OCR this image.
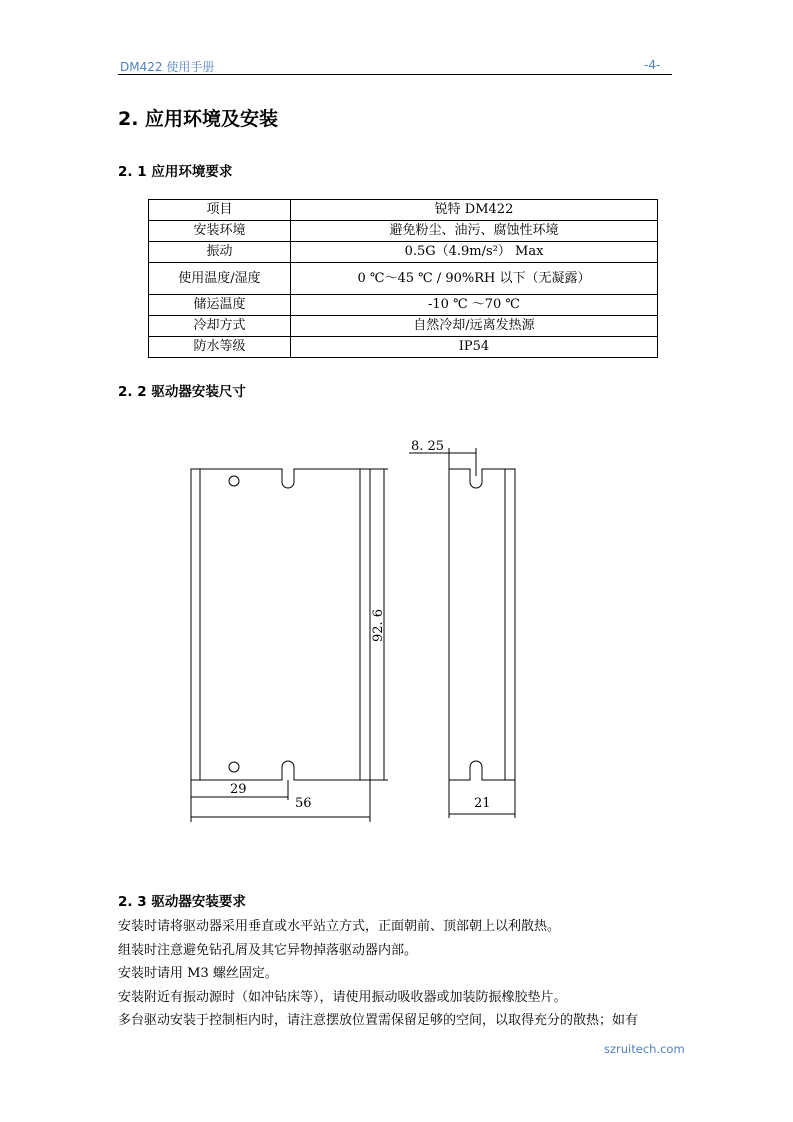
DM422 使用手册	-4-
2. 应用环境及安装
2. 1 应用环境要求
项目	锐特 DM422
安装环境	避免粉尘、油污、腐蚀性环境
振动	0.5G（4.9m/s²） Max
使用温度/湿度	0 ℃～45 ℃ / 90%RH 以下（无凝露）
储运温度	-10 ℃ ～70 ℃
冷却方式	自然冷却/远离发热源
防水等级	IP54
2. 2 驱动器安装尺寸
8. 25
92. 6
29
56	21
2. 3 驱动器安装要求
安装时请将驱动器采用垂直或水平站立方式，正面朝前、顶部朝上以利散热。
组装时注意避免钻孔屑及其它异物掉落驱动器内部。
安装时请用 M3 螺丝固定。
安装附近有振动源时（如冲钻床等），请使用振动吸收器或加装防振橡胶垫片。
多台驱动安装于控制柜内时，请注意摆放位置需保留足够的空间，以取得充分的散热；如有
szruitech.com
